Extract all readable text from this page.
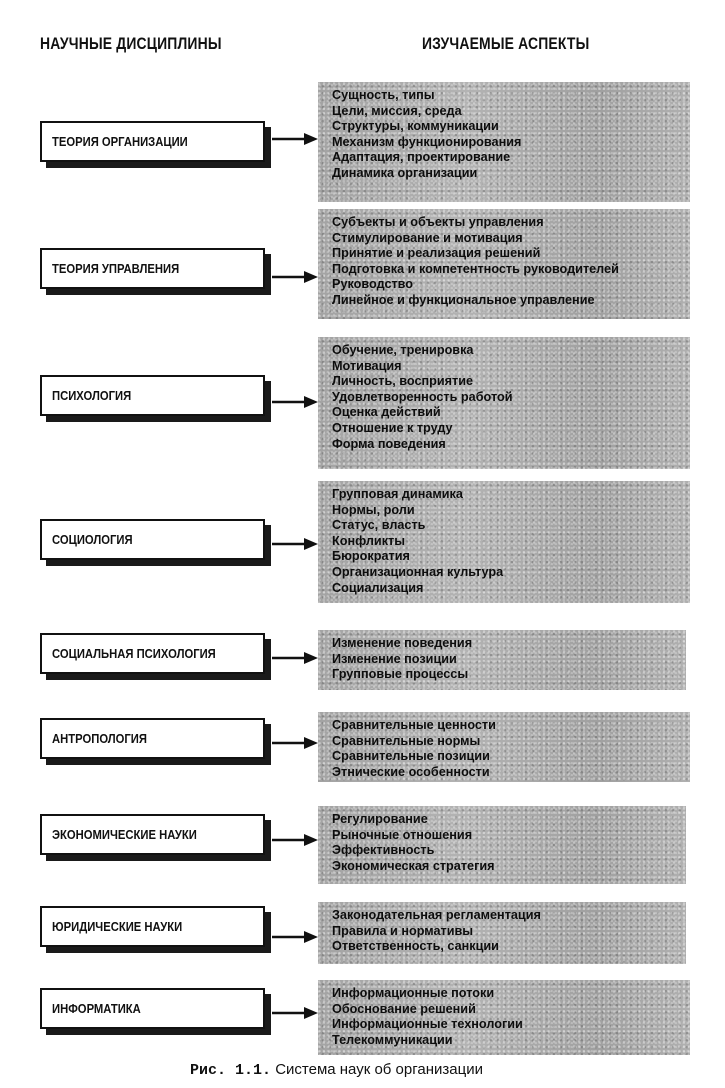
НАУЧНЫЕ ДИСЦИПЛИНЫ	ИЗУЧАЕМЫЕ АСПЕКТЫ
ТЕОРИЯ ОРГАНИЗАЦИИ
Сущность, типы
Цели, миссия, среда
Структуры, коммуникации
Механизм функционирования
Адаптация, проектирование
Динамика организации
ТЕОРИЯ УПРАВЛЕНИЯ
Субъекты и объекты управления
Стимулирование и мотивация
Принятие и реализация решений
Подготовка и компетентность руководителей
Руководство
Линейное и функциональное управление
ПСИХОЛОГИЯ
Обучение, тренировка
Мотивация
Личность, восприятие
Удовлетворенность работой
Оценка действий
Отношение к труду
Форма поведения
СОЦИОЛОГИЯ
Групповая динамика
Нормы, роли
Статус, власть
Конфликты
Бюрократия
Организационная культура
Социализация
СОЦИАЛЬНАЯ ПСИХОЛОГИЯ
Изменение поведения
Изменение позиции
Групповые процессы
АНТРОПОЛОГИЯ
Сравнительные ценности
Сравнительные нормы
Сравнительные позиции
Этнические особенности
ЭКОНОМИЧЕСКИЕ НАУКИ
Регулирование
Рыночные отношения
Эффективность
Экономическая стратегия
ЮРИДИЧЕСКИЕ НАУКИ
Законодательная регламентация
Правила и нормативы
Ответственность, санкции
ИНФОРМАТИКА
Информационные потоки
Обоснование решений
Информационные технологии
Телекоммуникации
Рис. 1.1. Система наук об организации
